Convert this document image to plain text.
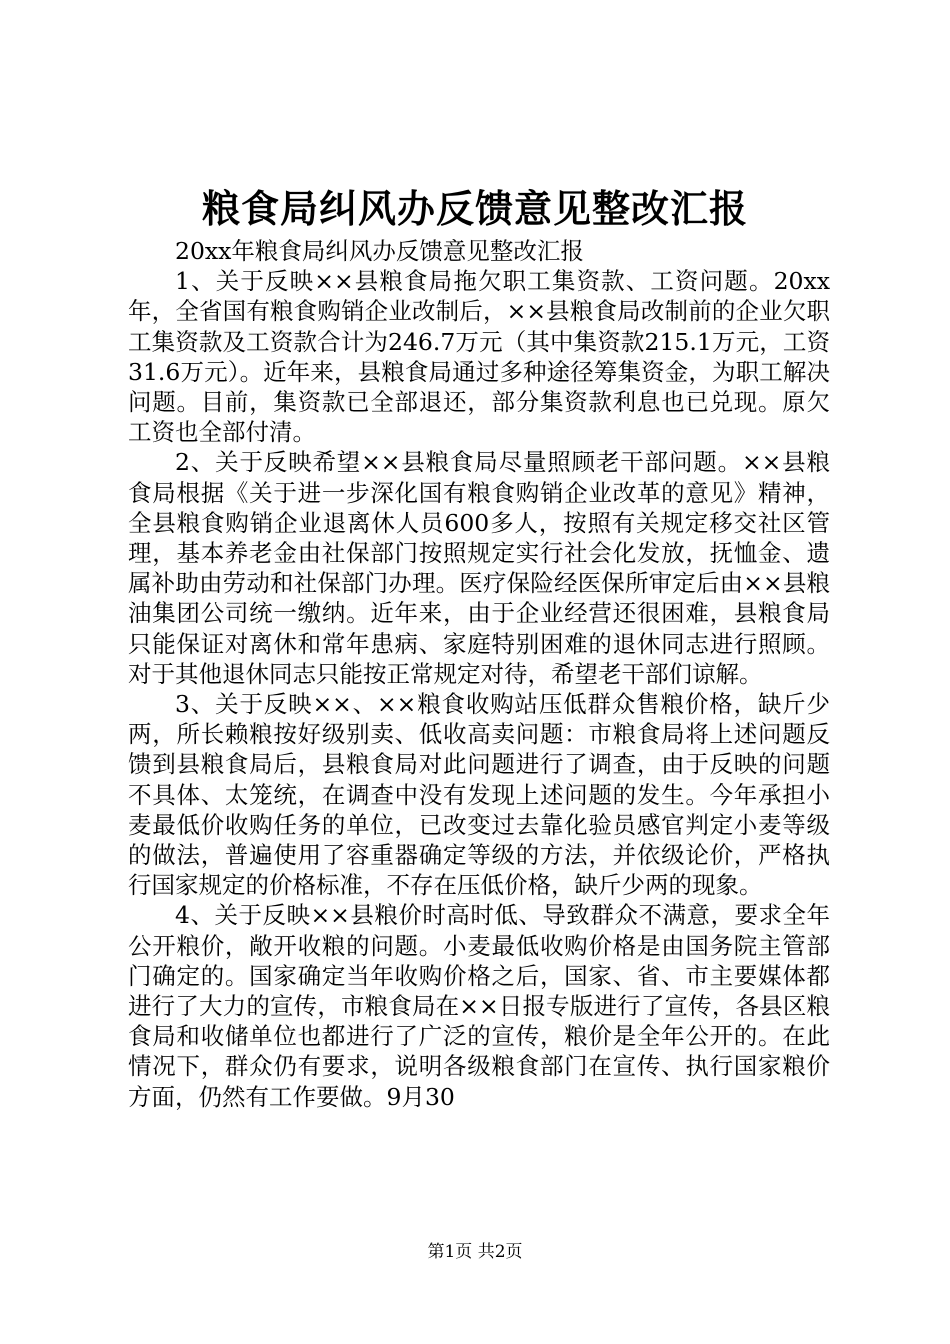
粮食局纠风办反馈意见整改汇报

20xx年粮食局纠风办反馈意见整改汇报

1、关于反映××县粮食局拖欠职工集资款、工资问题。20xx年，全省国有粮食购销企业改制后，××县粮食局改制前的企业欠职工集资款及工资款合计为246.7万元（其中集资款215.1万元，工资31.6万元）。近年来，县粮食局通过多种途径筹集资金，为职工解决问题。目前，集资款已全部退还，部分集资款利息也已兑现。原欠工资也全部付清。

2、关于反映希望××县粮食局尽量照顾老干部问题。××县粮食局根据《关于进一步深化国有粮食购销企业改革的意见》精神，全县粮食购销企业退离休人员600多人，按照有关规定移交社区管理，基本养老金由社保部门按照规定实行社会化发放，抚恤金、遗属补助由劳动和社保部门办理。医疗保险经医保所审定后由××县粮油集团公司统一缴纳。近年来，由于企业经营还很困难，县粮食局只能保证对离休和常年患病、家庭特别困难的退休同志进行照顾。对于其他退休同志只能按正常规定对待，希望老干部们谅解。

3、关于反映××、××粮食收购站压低群众售粮价格，缺斤少两，所长赖粮按好级别卖、低收高卖问题：市粮食局将上述问题反馈到县粮食局后，县粮食局对此问题进行了调查，由于反映的问题不具体、太笼统，在调查中没有发现上述问题的发生。今年承担小麦最低价收购任务的单位，已改变过去靠化验员感官判定小麦等级的做法，普遍使用了容重器确定等级的方法，并依级论价，严格执行国家规定的价格标准，不存在压低价格，缺斤少两的现象。

4、关于反映××县粮价时高时低、导致群众不满意，要求全年公开粮价，敞开收粮的问题。小麦最低收购价格是由国务院主管部门确定的。国家确定当年收购价格之后，国家、省、市主要媒体都进行了大力的宣传，市粮食局在××日报专版进行了宣传，各县区粮食局和收储单位也都进行了广泛的宣传，粮价是全年公开的。在此情况下，群众仍有要求，说明各级粮食部门在宣传、执行国家粮价方面，仍然有工作要做。9月30

第1页 共2页
